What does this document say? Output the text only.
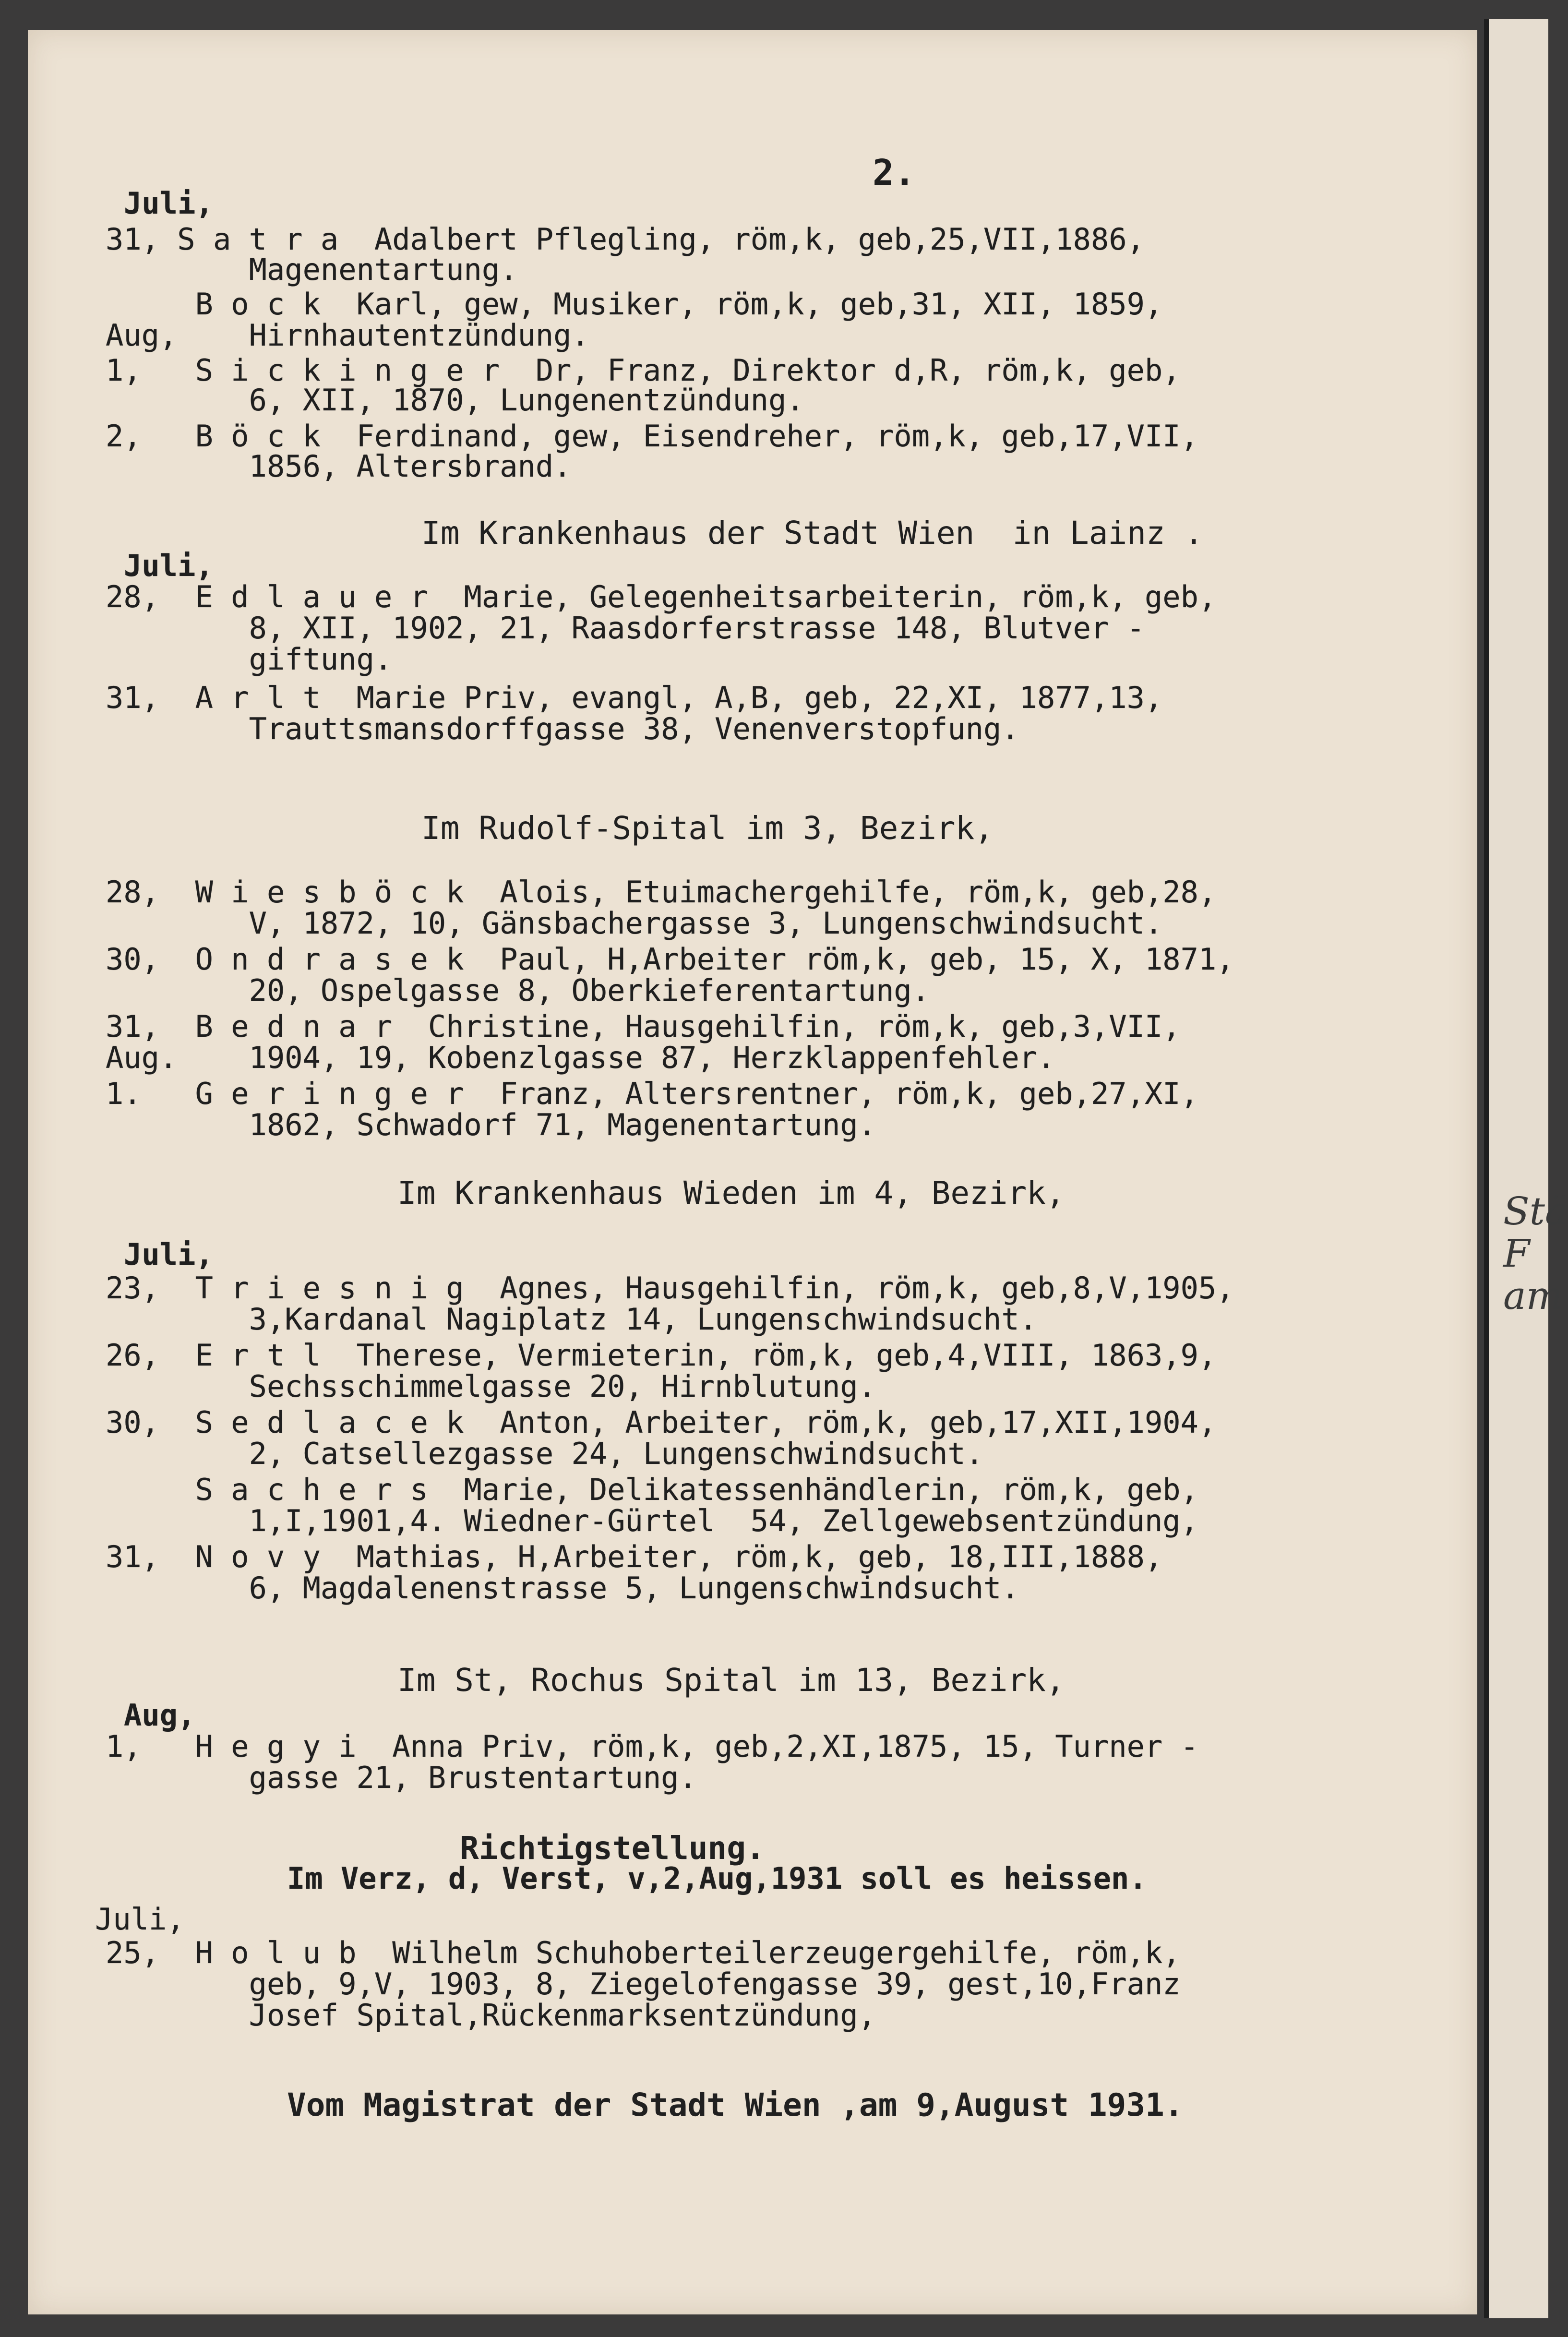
2.
Juli,
31, S a t r a  Adalbert Pflegling, röm,k, geb,25,VII,1886,
Magenentartung.
B o c k  Karl, gew, Musiker, röm,k, geb,31, XII, 1859,
Aug,    Hirnhautentzündung.
1,   S i c k i n g e r  Dr, Franz, Direktor d,R, röm,k, geb,
6, XII, 1870, Lungenentzündung.
2,   B ö c k  Ferdinand, gew, Eisendreher, röm,k, geb,17,VII,
1856, Altersbrand.
Im Krankenhaus der Stadt Wien  in Lainz .
Juli,
28,  E d l a u e r  Marie, Gelegenheitsarbeiterin, röm,k, geb,
8, XII, 1902, 21, Raasdorferstrasse 148, Blutver -
giftung.
31,  A r l t  Marie Priv, evangl, A,B, geb, 22,XI, 1877,13,
Trauttsmansdorffgasse 38, Venenverstopfung.
Im Rudolf-Spital im 3, Bezirk,
28,  W i e s b ö c k  Alois, Etuimachergehilfe, röm,k, geb,28,
V, 1872, 10, Gänsbachergasse 3, Lungenschwindsucht.
30,  O n d r a s e k  Paul, H,Arbeiter röm,k, geb, 15, X, 1871,
20, Ospelgasse 8, Oberkieferentartung.
31,  B e d n a r  Christine, Hausgehilfin, röm,k, geb,3,VII,
Aug.    1904, 19, Kobenzlgasse 87, Herzklappenfehler.
1.   G e r i n g e r  Franz, Altersrentner, röm,k, geb,27,XI,
1862, Schwadorf 71, Magenentartung.
Im Krankenhaus Wieden im 4, Bezirk,
Juli,
23,  T r i e s n i g  Agnes, Hausgehilfin, röm,k, geb,8,V,1905,
3,Kardanal Nagiplatz 14, Lungenschwindsucht.
26,  E r t l  Therese, Vermieterin, röm,k, geb,4,VIII, 1863,9,
Sechsschimmelgasse 20, Hirnblutung.
30,  S e d l a c e k  Anton, Arbeiter, röm,k, geb,17,XII,1904,
2, Catsellezgasse 24, Lungenschwindsucht.
S a c h e r s  Marie, Delikatessenhändlerin, röm,k, geb,
1,I,1901,4. Wiedner-Gürtel  54, Zellgewebsentzündung,
31,  N o v y  Mathias, H,Arbeiter, röm,k, geb, 18,III,1888,
6, Magdalenenstrasse 5, Lungenschwindsucht.
Im St, Rochus Spital im 13, Bezirk,
Aug,
1,   H e g y i  Anna Priv, röm,k, geb,2,XI,1875, 15, Turner -
gasse 21, Brustentartung.
Richtigstellung.
Im Verz, d, Verst, v,2,Aug,1931 soll es heissen.
Juli,
25,  H o l u b  Wilhelm Schuhoberteilerzeugergehilfe, röm,k,
geb, 9,V, 1903, 8, Ziegelofengasse 39, gest,10,Franz
Josef Spital,Rückenmarksentzündung,
Vom Magistrat der Stadt Wien ,am 9,August 1931.
Stä
F
am
